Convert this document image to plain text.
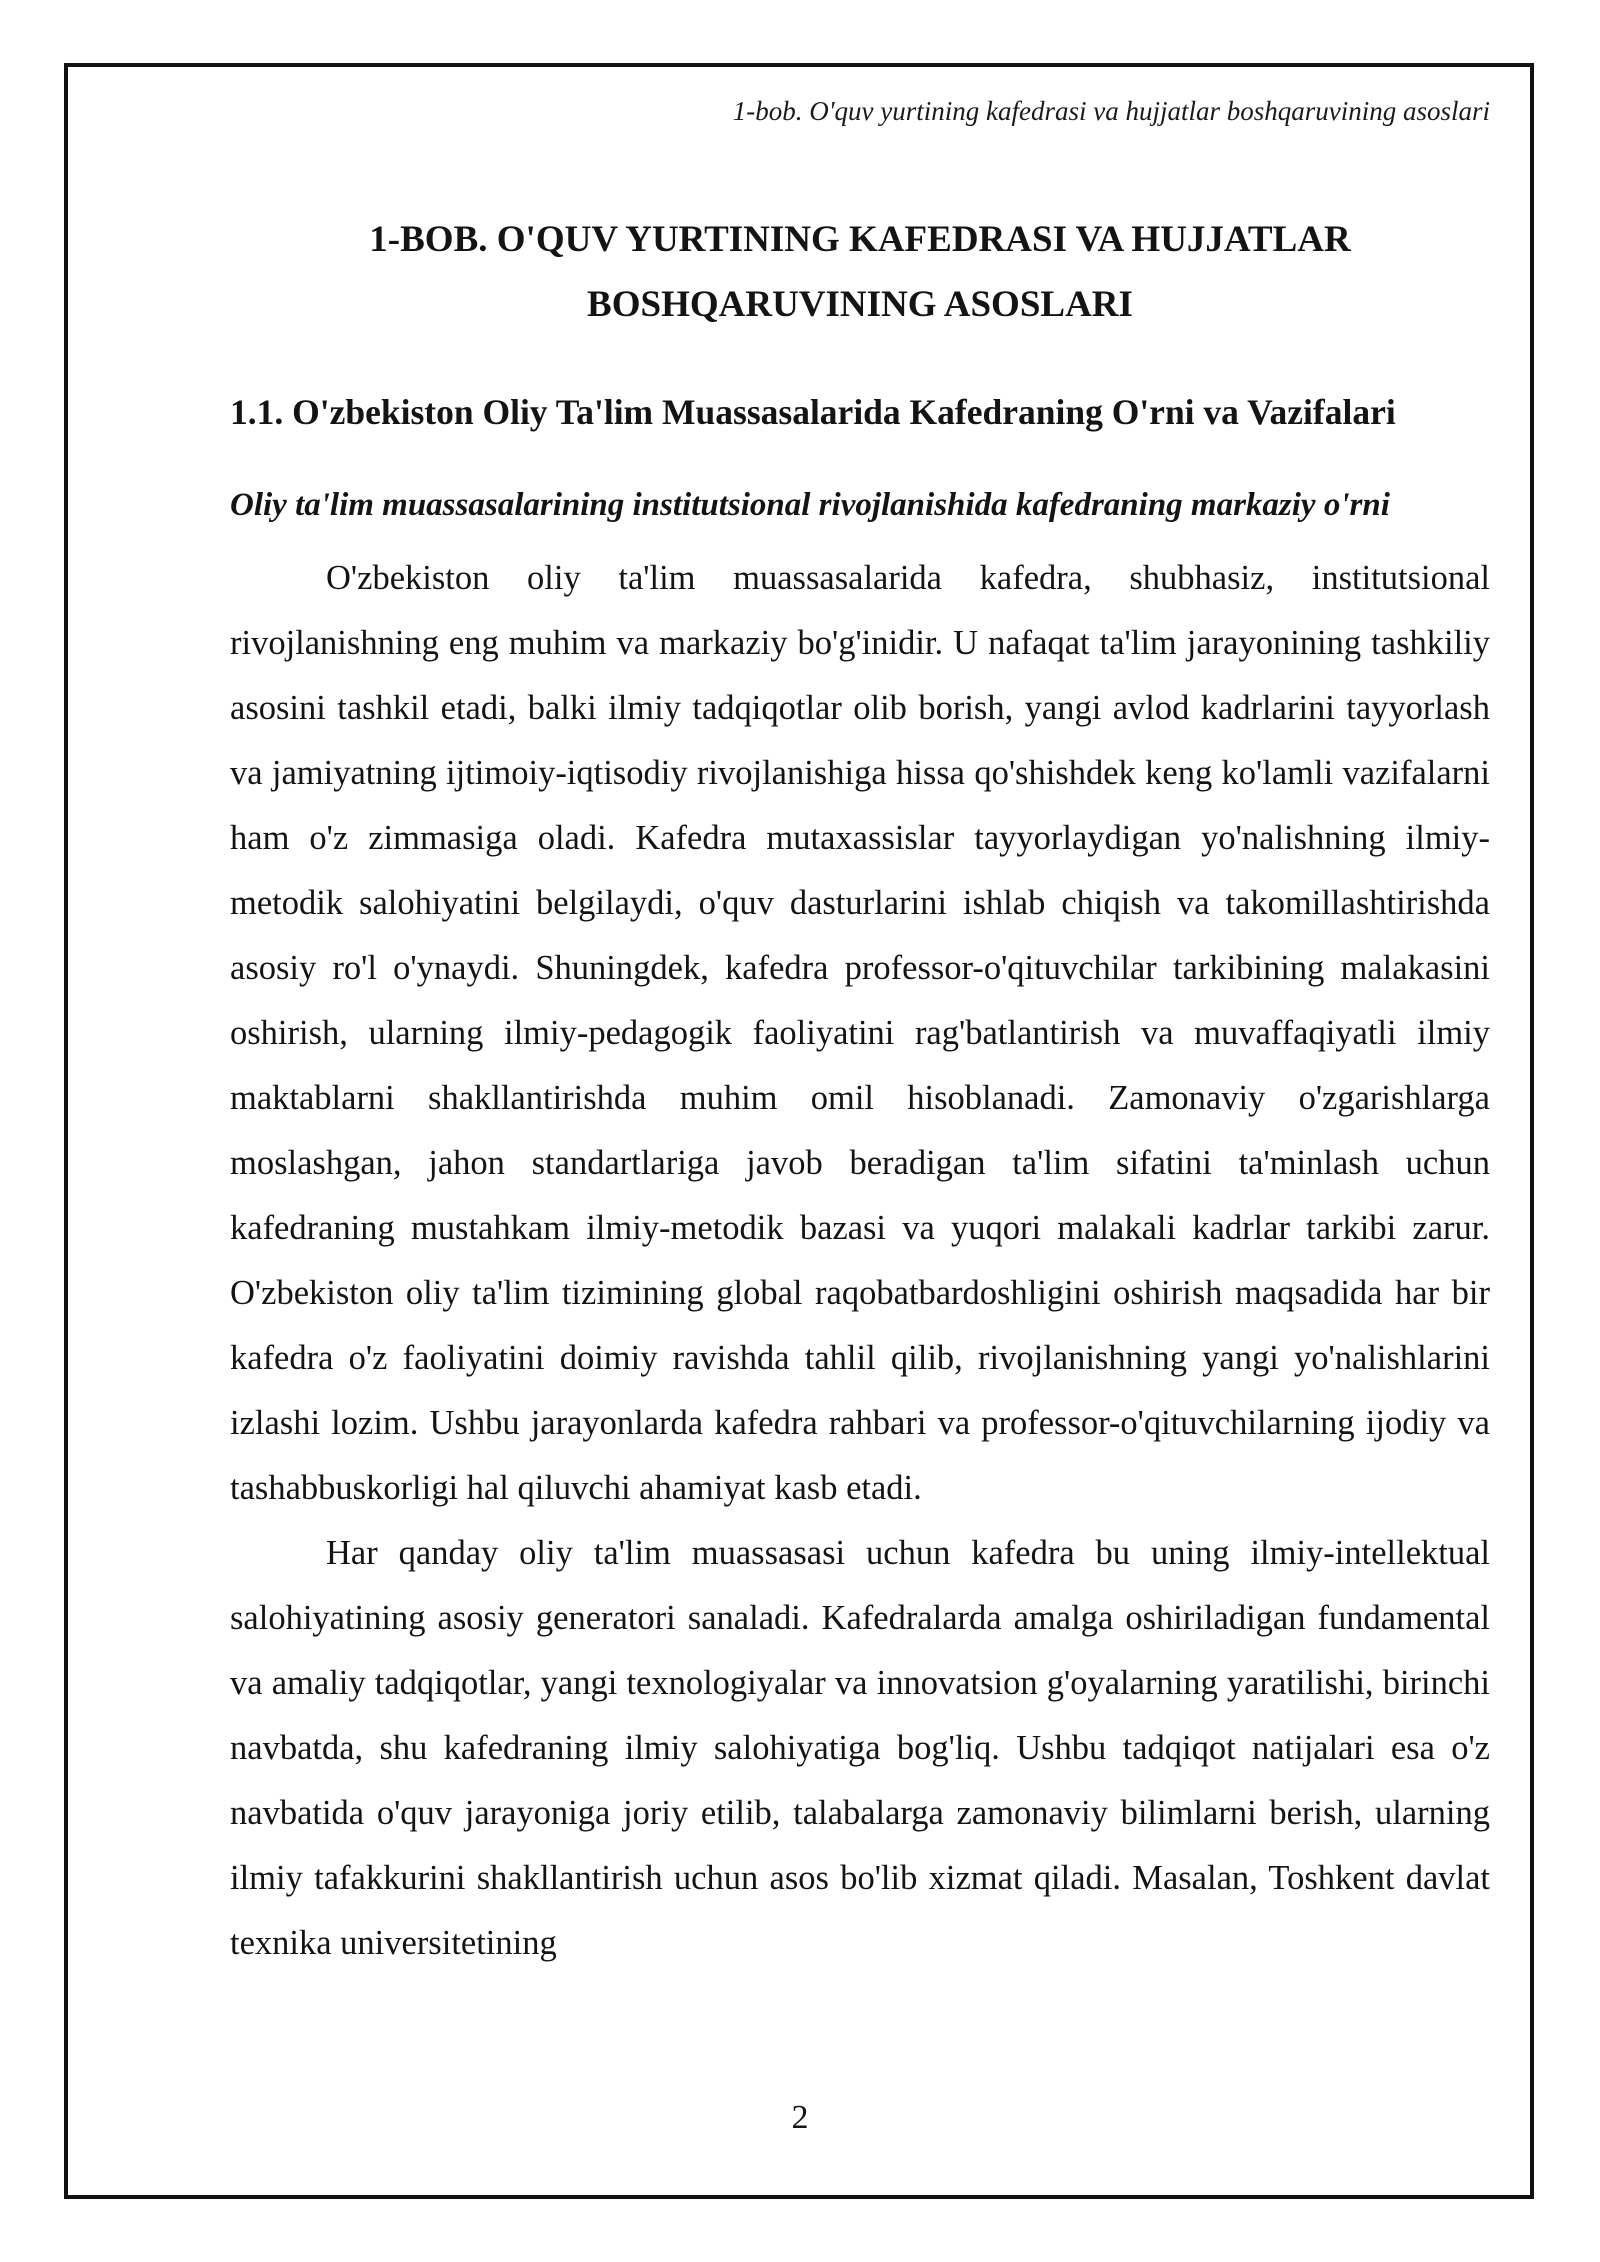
1-bob. O'quv yurtining kafedrasi va hujjatlar boshqaruvining asoslari
1-BOB. O'QUV YURTINING KAFEDRASI VA HUJJATLAR
BOSHQARUVINING ASOSLARI
1.1. O'zbekiston Oliy Ta'lim Muassasalarida Kafedraning O'rni va Vazifalari
Oliy ta'lim muassasalarining institutsional rivojlanishida kafedraning markaziy o'rni

O'zbekiston oliy ta'lim muassasalarida kafedra, shubhasiz, institutsional rivojlanishning eng muhim va markaziy bo'g'inidir. U nafaqat ta'lim jarayonining tashkiliy asosini tashkil etadi, balki ilmiy tadqiqotlar olib borish, yangi avlod kadrlarini tayyorlash va jamiyatning ijtimoiy-iqtisodiy rivojlanishiga hissa qo'shishdek keng ko'lamli vazifalarni ham o'z zimmasiga oladi. Kafedra mutaxassislar tayyorlaydigan yo'nalishning ilmiy-metodik salohiyatini belgilaydi, o'quv dasturlarini ishlab chiqish va takomillashtirishda asosiy ro'l o'ynaydi. Shuningdek, kafedra professor-o'qituvchilar tarkibining malakasini oshirish, ularning ilmiy-pedagogik faoliyatini rag'batlantirish va muvaffaqiyatli ilmiy maktablarni shakllantirishda muhim omil hisoblanadi. Zamonaviy o'zgarishlarga moslashgan, jahon standartlariga javob beradigan ta'lim sifatini ta'minlash uchun kafedraning mustahkam ilmiy-metodik bazasi va yuqori malakali kadrlar tarkibi zarur. O'zbekiston oliy ta'lim tizimining global raqobatbardoshligini oshirish maqsadida har bir kafedra o'z faoliyatini doimiy ravishda tahlil qilib, rivojlanishning yangi yo'nalishlarini izlashi lozim. Ushbu jarayonlarda kafedra rahbari va professor-o'qituvchilarning ijodiy va tashabbuskorligi hal qiluvchi ahamiyat kasb etadi.

Har qanday oliy ta'lim muassasasi uchun kafedra bu uning ilmiy-intellektual salohiyatining asosiy generatori sanaladi. Kafedralarda amalga oshiriladigan fundamental va amaliy tadqiqotlar, yangi texnologiyalar va innovatsion g'oyalarning yaratilishi, birinchi navbatda, shu kafedraning ilmiy salohiyatiga bog'liq. Ushbu tadqiqot natijalari esa o'z navbatida o'quv jarayoniga joriy etilib, talabalarga zamonaviy bilimlarni berish, ularning ilmiy tafakkurini shakllantirish uchun asos bo'lib xizmat qiladi. Masalan, Toshkent davlat texnika universitetining

2
